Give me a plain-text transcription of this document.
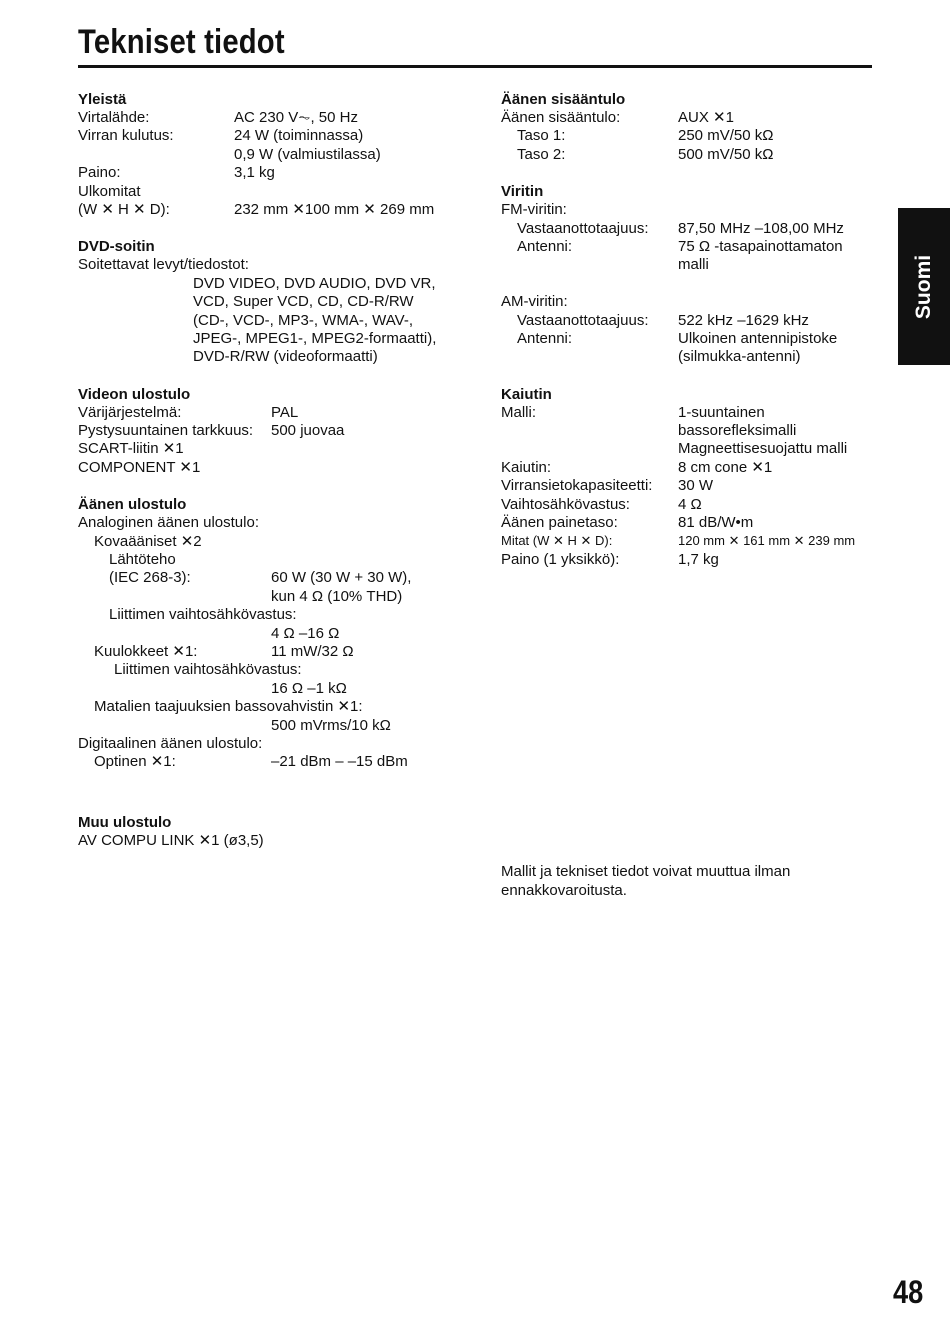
Tekniset tiedot
Yleistä
Virtalähde:	AC 230 V⏦, 50 Hz
Virran kulutus:	24 W (toiminnassa)
0,9 W (valmiustilassa)
Paino:	3,1 kg
Ulkomitat
(W ✕ H ✕ D):	232 mm ✕100 mm ✕ 269 mm
DVD-soitin
Soitettavat levyt/tiedostot:
DVD VIDEO, DVD AUDIO, DVD VR,
VCD, Super VCD, CD, CD-R/RW
(CD-, VCD-, MP3-, WMA-, WAV-,
JPEG-, MPEG1-, MPEG2-formaatti),
DVD-R/RW (videoformaatti)
Videon ulostulo
Värijärjestelmä:	PAL
Pystysuuntainen tarkkuus: 500 juovaa
SCART-liitin ✕1
COMPONENT ✕1
Äänen ulostulo
Analoginen äänen ulostulo:
Kovaääniset ✕2
Lähtöteho
(IEC 268-3):	60 W (30 W + 30 W),
kun 4 Ω (10% THD)
Liittimen vaihtosähkövastus:
4 Ω –16 Ω
Kuulokkeet ✕1:	11 mW/32 Ω
Liittimen vaihtosähkövastus:
16 Ω –1 kΩ
Matalien taajuuksien bassovahvistin ✕1:
500 mVrms/10 kΩ
Digitaalinen äänen ulostulo:
Optinen ✕1:	–21 dBm – –15 dBm
Muu ulostulo
AV COMPU LINK ✕1 (ø3,5)
Äänen sisääntulo
Äänen sisääntulo:	AUX ✕1
Taso 1:	250 mV/50 kΩ
Taso 2:	500 mV/50 kΩ
Viritin
FM-viritin:
Vastaanottotaajuus: 87,50 MHz –108,00 MHz
Antenni:	75 Ω -tasapainottamaton
malli
AM-viritin:
Vastaanottotaajuus: 522 kHz –1629 kHz
Antenni:	Ulkoinen antennipistoke
(silmukka-antenni)
Kaiutin
Malli:	1-suuntainen
bassorefleksimalli
Magneettisesuojattu malli
Kaiutin:	8 cm cone ✕1
Virransietokapasiteetti: 30 W
Vaihtosähkövastus:	4 Ω
Äänen painetaso:	81 dB/W•m
Mitat (W ✕ H ✕ D):	120 mm ✕ 161 mm ✕ 239 mm
Paino (1 yksikkö):	1,7 kg
Mallit ja tekniset tiedot voivat muuttua ilman ennakkovaroitusta.
Suomi
48
